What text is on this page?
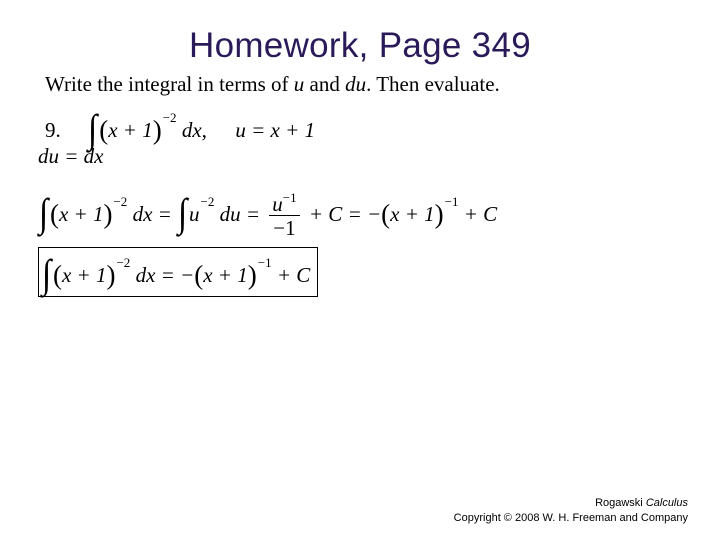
Homework, Page 349
Write the integral in terms of u and du. Then evaluate.
9. $\int(x + 1)^{-2}$ dx, u = x + 1
du = dx
$\int(x + 1)^{-2}$ dx = $\int u^{-2}$ du = $\frac{u^{-1}}{-1} + C = -(x + 1)^{-1} + C$
$\int(x + 1)^{-2}$ dx = $-(x + 1)^{-1} + C$
Rogawski Calculus
Copyright © 2008 W. H. Freeman and Company
